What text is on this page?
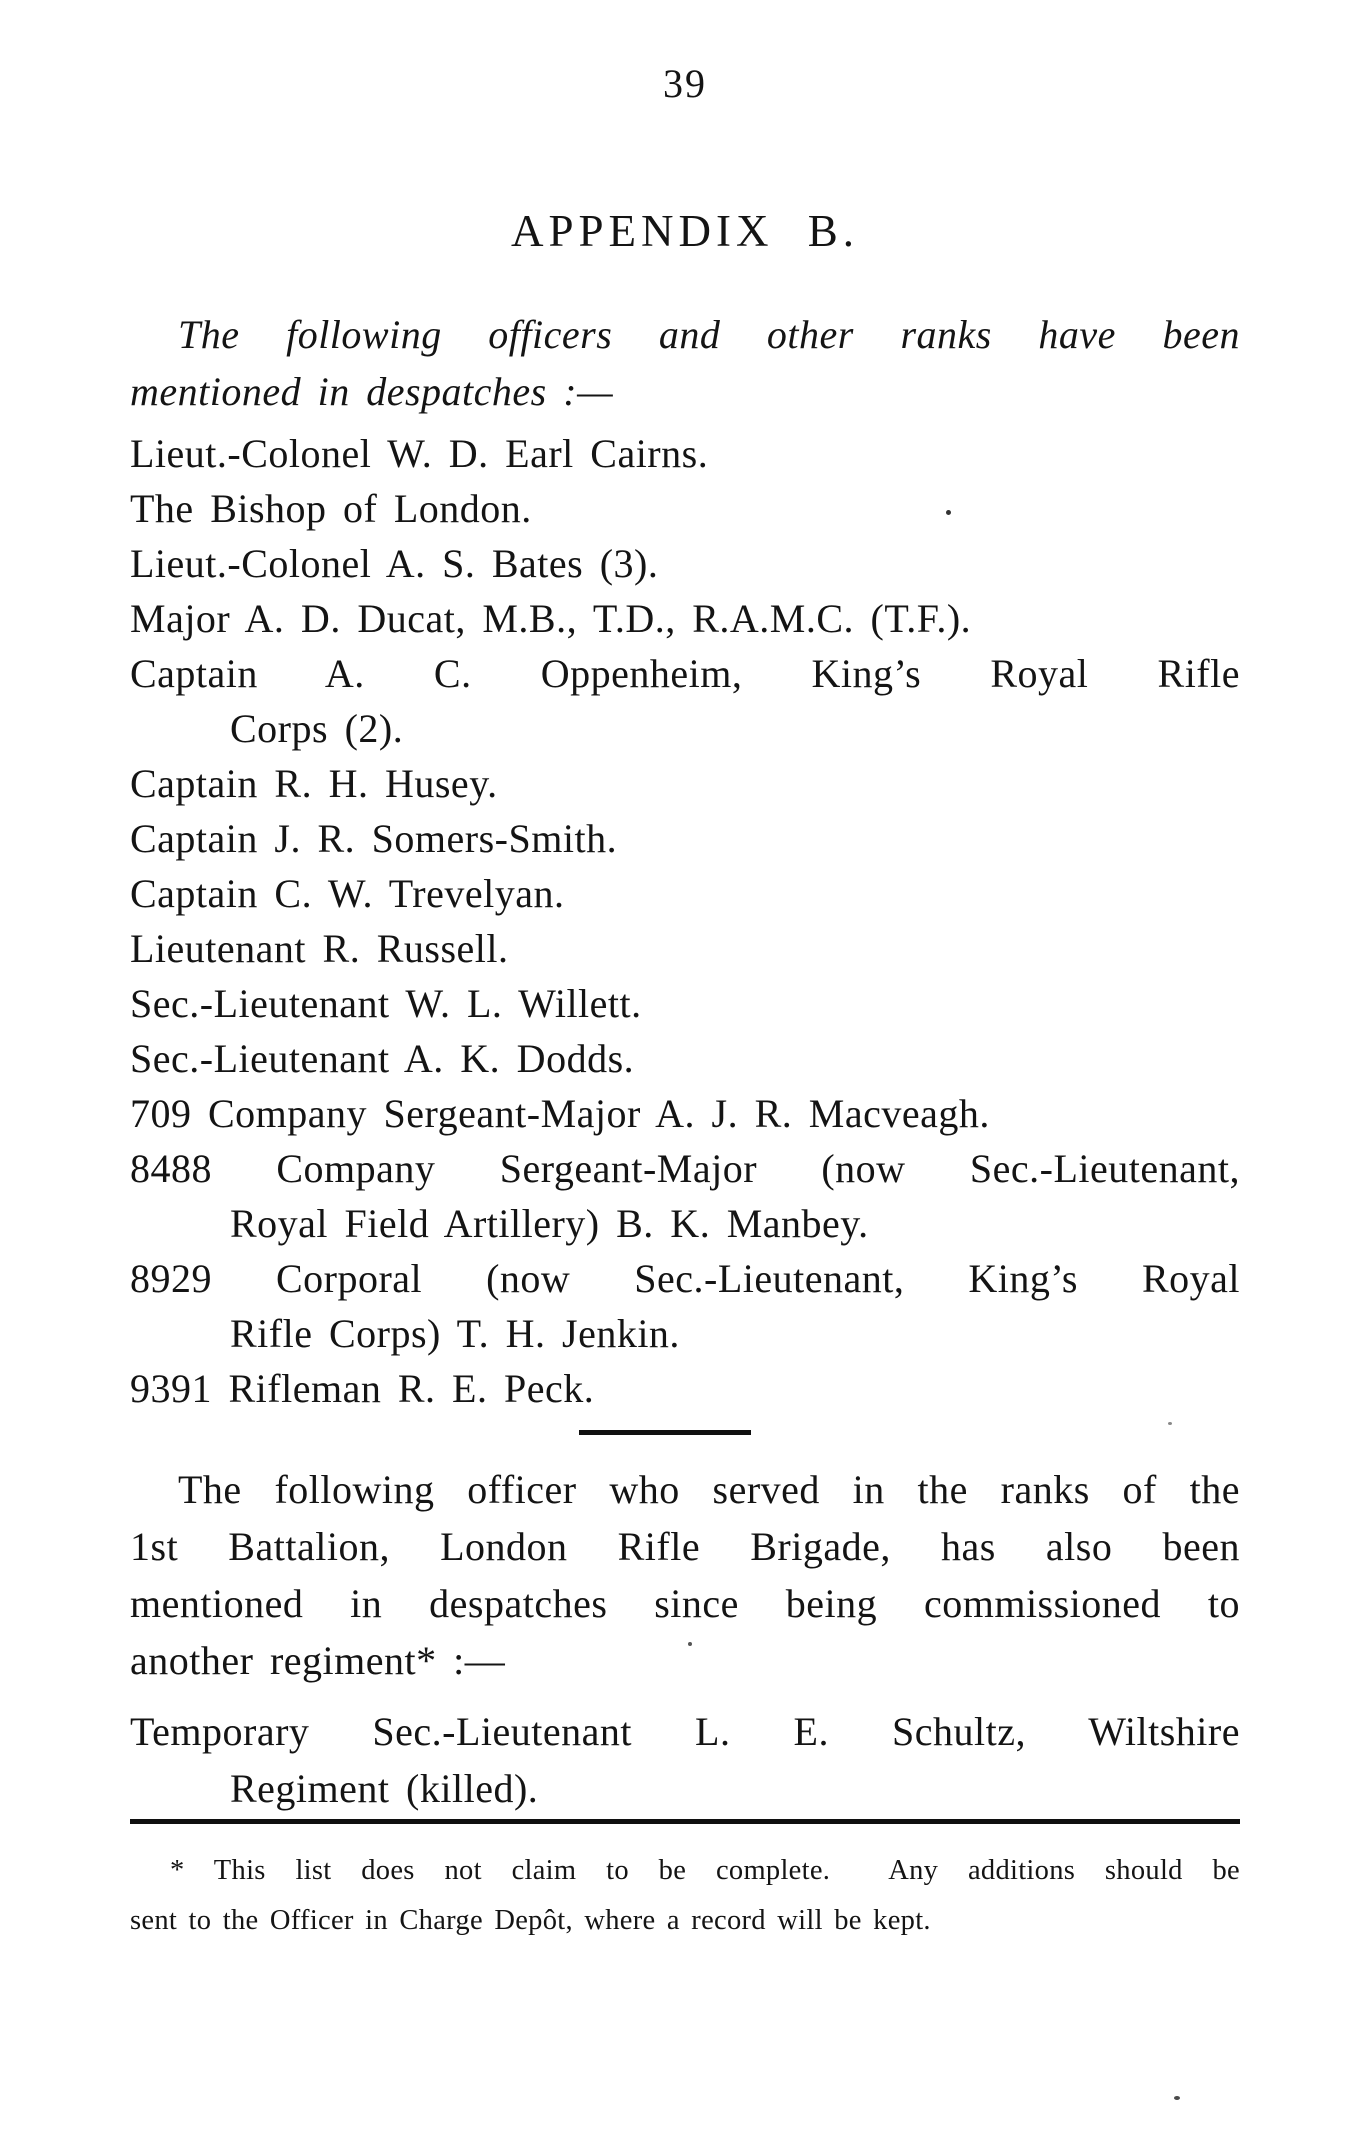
39
APPENDIX B.
The following officers and other ranks have been
mentioned in despatches :—
Lieut.-Colonel W. D. Earl Cairns.
The Bishop of London.
Lieut.-Colonel A. S. Bates (3).
Major A. D. Ducat, M.B., T.D., R.A.M.C. (T.F.).
Captain A. C. Oppenheim, King’s Royal Rifle
Corps (2).
Captain R. H. Husey.
Captain J. R. Somers-Smith.
Captain C. W. Trevelyan.
Lieutenant R. Russell.
Sec.-Lieutenant W. L. Willett.
Sec.-Lieutenant A. K. Dodds.
709 Company Sergeant-Major A. J. R. Macveagh.
8488 Company Sergeant-Major (now Sec.-Lieutenant,
Royal Field Artillery) B. K. Manbey.
8929 Corporal (now Sec.-Lieutenant, King’s Royal
Rifle Corps) T. H. Jenkin.
9391 Rifleman R. E. Peck.
The following officer who served in the ranks of the
1st Battalion, London Rifle Brigade, has also been
mentioned in despatches since being commissioned to
another regiment* :—
Temporary Sec.-Lieutenant L. E. Schultz, Wiltshire
Regiment (killed).
* This list does not claim to be complete.  Any additions should be
sent to the Officer in Charge Depôt, where a record will be kept.
